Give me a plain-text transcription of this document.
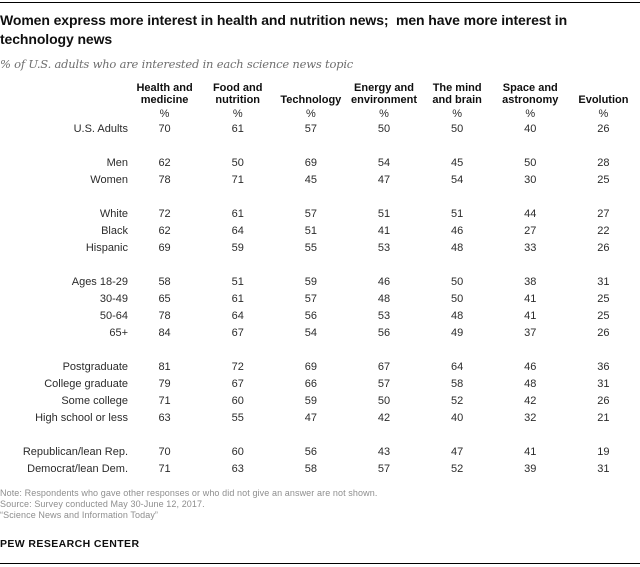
Women express more interest in health and nutrition news;  men have more interest in technology news
% of U.S. adults who are interested in each science news topic
	Health and medicine	Food and nutrition	Technology	Energy and environment	The mind and brain	Space and astronomy	Evolution
	%	%	%	%	%	%	%
U.S. Adults	70	61	57	50	50	40	26

Men	62	50	69	54	45	50	28
Women	78	71	45	47	54	30	25

White	72	61	57	51	51	44	27
Black	62	64	51	41	46	27	22
Hispanic	69	59	55	53	48	33	26

Ages 18-29	58	51	59	46	50	38	31
30-49	65	61	57	48	50	41	25
50-64	78	64	56	53	48	41	25
65+	84	67	54	56	49	37	26

Postgraduate	81	72	69	67	64	46	36
College graduate	79	67	66	57	58	48	31
Some college	71	60	59	50	52	42	26
High school or less	63	55	47	42	40	32	21

Republican/lean Rep.	70	60	56	43	47	41	19
Democrat/lean Dem.	71	63	58	57	52	39	31
Note: Respondents who gave other responses or who did not give an answer are not shown.
Source: Survey conducted May 30-June 12, 2017.
“Science News and Information Today”
PEW RESEARCH CENTER
